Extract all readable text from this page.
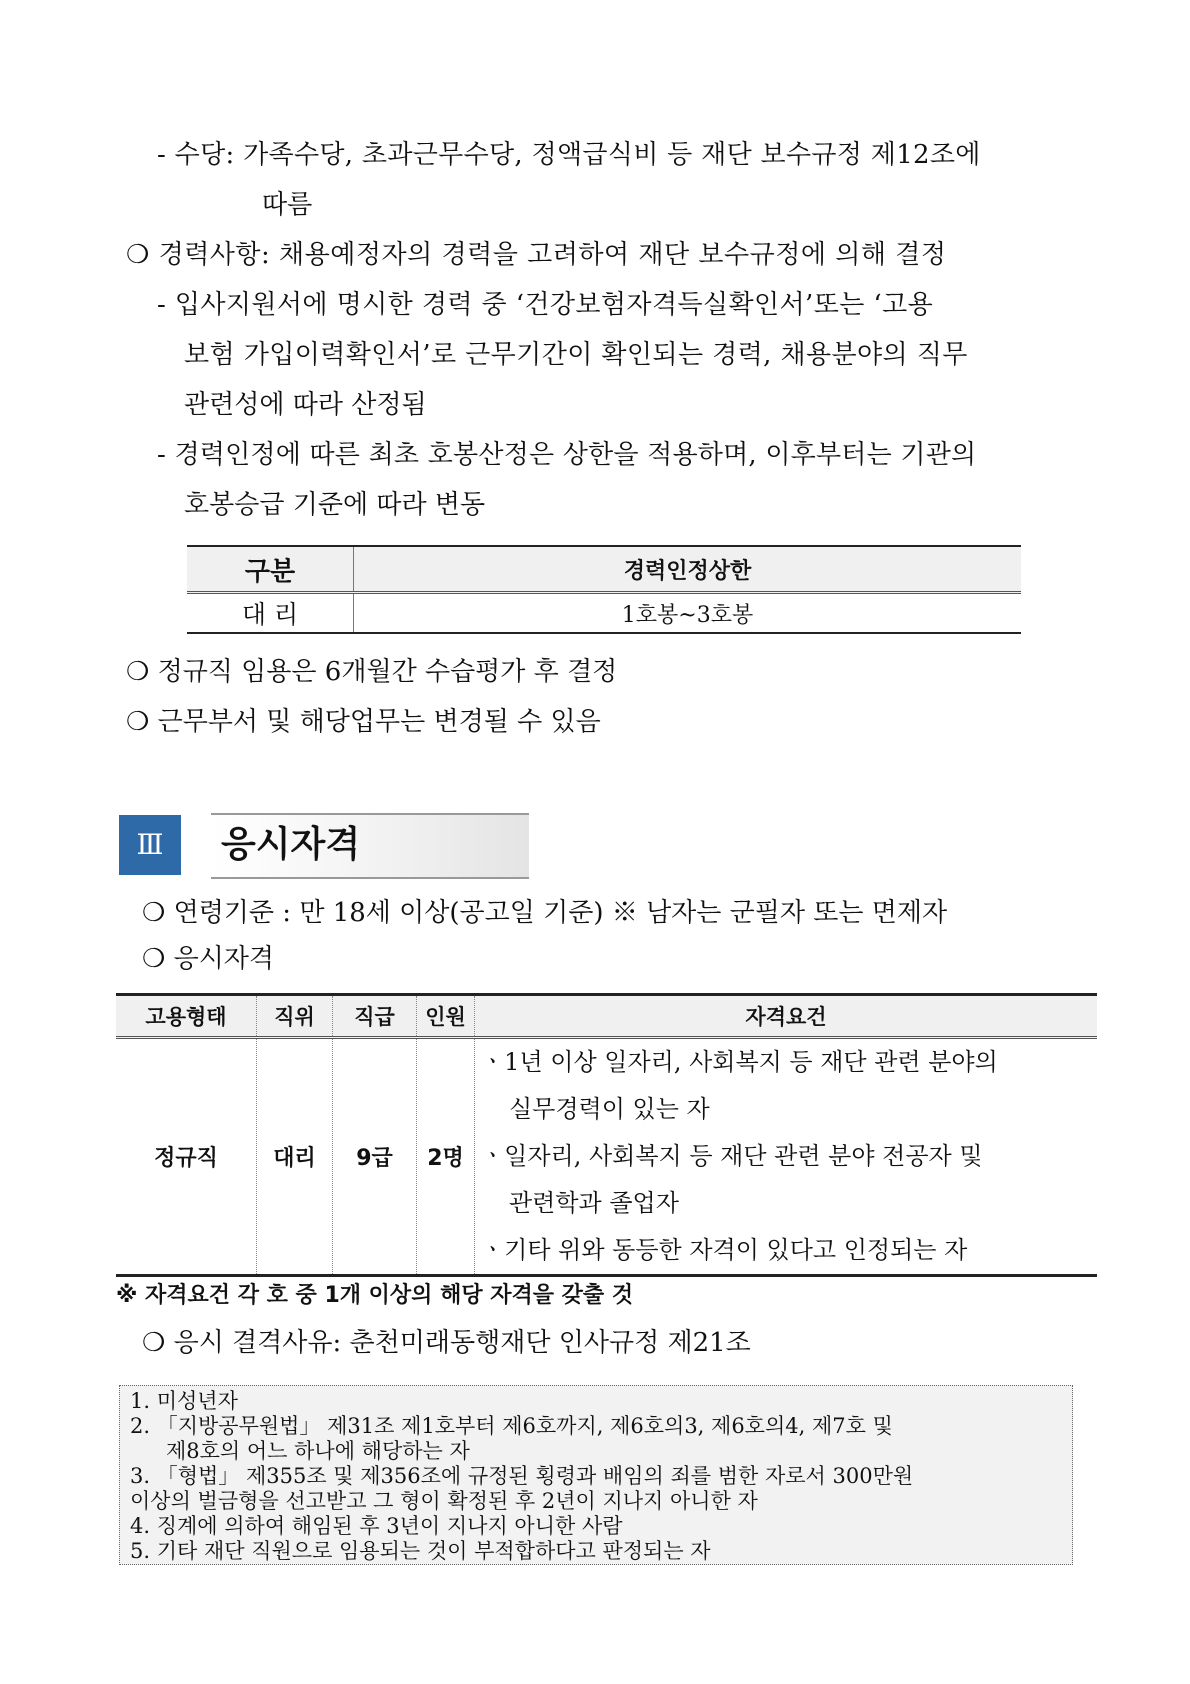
- 수당: 가족수당, 초과근무수당, 정액급식비 등 재단 보수규정 제12조에
따름
❍ 경력사항: 채용예정자의 경력을 고려하여 재단 보수규정에 의해 결정
- 입사지원서에 명시한 경력 중 ‘건강보험자격득실확인서’또는 ‘고용
보험 가입이력확인서’로 근무기간이 확인되는 경력, 채용분야의 직무
관련성에 따라 산정됨
- 경력인정에 따른 최초 호봉산정은 상한을 적용하며, 이후부터는 기관의
호봉승급 기준에 따라 변동
구분	경력인정상한
대 리	1호봉~3호봉
❍ 정규직 임용은 6개월간 수습평가 후 결정
❍ 근무부서 및 해당업무는 변경될 수 있음
Ⅲ	응시자격
❍ 연령기준 : 만 18세 이상(공고일 기준) ※ 남자는 군필자 또는 면제자
❍ 응시자격
고용형태	직위	직급	인원	자격요건
정규직	대리	9급	2명	ㆍ1년 이상 일자리, 사회복지 등 재단 관련 분야의
실무경력이 있는 자
ㆍ일자리, 사회복지 등 재단 관련 분야 전공자 및
관련학과 졸업자
ㆍ기타 위와 동등한 자격이 있다고 인정되는 자
※ 자격요건 각 호 중 1개 이상의 해당 자격을 갖출 것
❍ 응시 결격사유: 춘천미래동행재단 인사규정 제21조
1. 미성년자
2. 「지방공무원법」 제31조 제1호부터 제6호까지, 제6호의3, 제6호의4, 제7호 및
제8호의 어느 하나에 해당하는 자
3. 「형법」 제355조 및 제356조에 규정된 횡령과 배임의 죄를 범한 자로서 300만원
이상의 벌금형을 선고받고 그 형이 확정된 후 2년이 지나지 아니한 자
4. 징계에 의하여 해임된 후 3년이 지나지 아니한 사람
5. 기타 재단 직원으로 임용되는 것이 부적합하다고 판정되는 자
